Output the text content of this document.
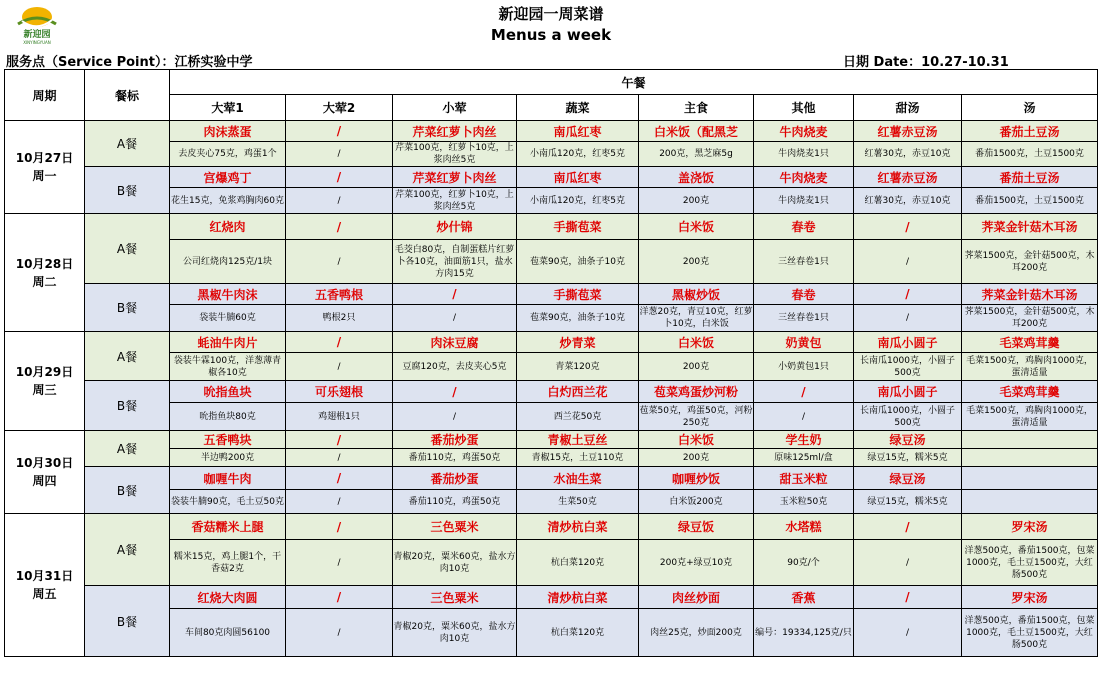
新迎园
XINYINGYUAN
新迎园一周菜谱
Menus a week
服务点（Service Point）：江桥实验中学	日期 Date：10.27-10.31
周期	餐标	午餐							
		大荤1	大荤2	小荤	蔬菜	主食	其他	甜汤	汤

10月27日
周一	A餐	肉沫蒸蛋	/	芹菜红萝卜肉丝	南瓜红枣	白米饭（配黑芝	牛肉烧麦	红薯赤豆汤	番茄土豆汤
		去皮夹心75克，鸡蛋1个	/	芹菜100克，红萝卜10克，上浆肉丝5克	小南瓜120克，红枣5克	200克，黑芝麻5g	牛肉烧麦1只	红薯30克，赤豆10克	番茄1500克，土豆1500克
	B餐	宫爆鸡丁	/	芹菜红萝卜肉丝	南瓜红枣	盖浇饭	牛肉烧麦	红薯赤豆汤	番茄土豆汤
		花生15克，免浆鸡胸肉60克	/	芹菜100克，红萝卜10克，上浆肉丝5克	小南瓜120克，红枣5克	200克	牛肉烧麦1只	红薯30克，赤豆10克	番茄1500克，土豆1500克

10月28日
周二	A餐	红烧肉	/	炒什锦	手撕苞菜	白米饭	春卷	/	荠菜金针菇木耳汤
		公司红烧肉125克/1块	/	毛茭白80克，自制蛋糕片红萝卜各10克，油面筋1只，盐水方肉15克	苞菜90克，油条子10克	200克	三丝春卷1只	/	荠菜1500克，金针菇500克，木耳200克
	B餐	黑椒牛肉沫	五香鸭根	/	手撕苞菜	黑椒炒饭	春卷	/	荠菜金针菇木耳汤
		袋装牛腩60克	鸭根2只	/	苞菜90克，油条子10克	洋葱20克，青豆10克，红萝卜10克，白米饭	三丝春卷1只	/	荠菜1500克，金针菇500克，木耳200克

10月29日
周三	A餐	蚝油牛肉片	/	肉沫豆腐	炒青菜	白米饭	奶黄包	南瓜小圆子	毛菜鸡茸羹
		袋装牛霖100克，洋葱薄青椒各10克	/	豆腐120克，去皮夹心5克	青菜120克	200克	小奶黄包1只	长南瓜1000克，小圆子500克	毛菜1500克，鸡胸肉1000克，蛋清适量
	B餐	吮指鱼块	可乐翅根	/	白灼西兰花	苞菜鸡蛋炒河粉	/	南瓜小圆子	毛菜鸡茸羹
		吮指鱼块80克	鸡翅根1只	/	西兰花50克	苞菜50克，鸡蛋50克，河粉250克	/	长南瓜1000克，小圆子500克	毛菜1500克，鸡胸肉1000克，蛋清适量

10月30日
周四	A餐	五香鸭块	/	番茄炒蛋	青椒土豆丝	白米饭	学生奶	绿豆汤	
		半边鸭200克	/	番茄110克，鸡蛋50克	青椒15克，土豆110克	200克	原味125ml/盒	绿豆15克，糯米5克	
	B餐	咖喱牛肉	/	番茄炒蛋	水油生菜	咖喱炒饭	甜玉米粒	绿豆汤	
		袋装牛腩90克，毛土豆50克	/	番茄110克，鸡蛋50克	生菜50克	白米饭200克	玉米粒50克	绿豆15克，糯米5克	

10月31日
周五	A餐	香菇糯米上腿	/	三色粟米	清炒杭白菜	绿豆饭	水塔糕	/	罗宋汤
		糯米15克，鸡上腿1个，干香菇2克	/	青椒20克，粟米60克，盐水方肉10克	杭白菜120克	200克+绿豆10克	90克/个	/	洋葱500克，番茄1500克，包菜1000克，毛土豆1500克，大红肠500克
	B餐	红烧大肉圆	/	三色粟米	清炒杭白菜	肉丝炒面	香蕉	/	罗宋汤
		车间80克肉圆56100	/	青椒20克，粟米60克，盐水方肉10克	杭白菜120克	肉丝25克，炒面200克	编号：19334,125克/只	/	洋葱500克，番茄1500克，包菜1000克，毛土豆1500克，大红肠500克
